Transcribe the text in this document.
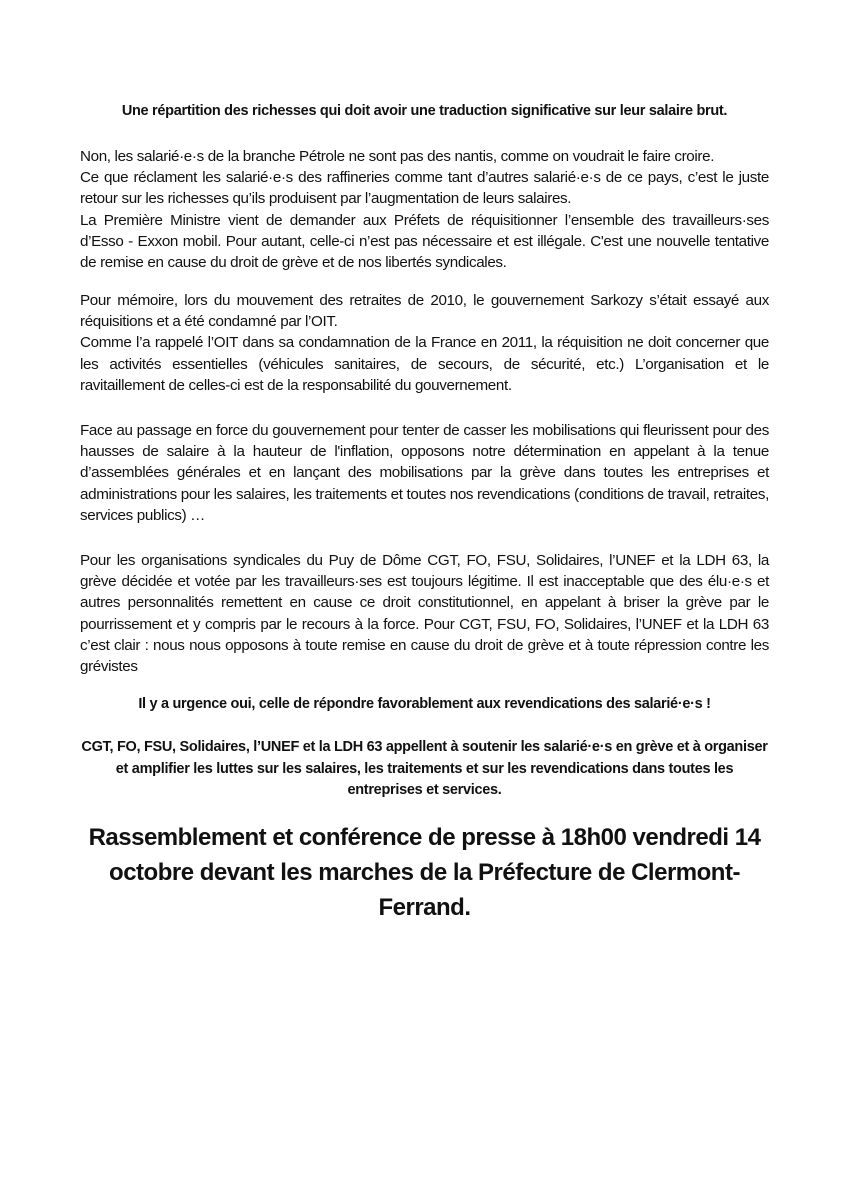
Une répartition des richesses qui doit avoir une traduction significative sur leur salaire brut.
Non, les salarié·e·s de la branche Pétrole ne sont pas des nantis, comme on voudrait le faire croire.
Ce que réclament les salarié·e·s des raffineries comme tant d’autres salarié·e·s de ce pays, c’est le juste retour sur les richesses qu’ils produisent par l’augmentation de leurs salaires.
La Première Ministre vient de demander aux Préfets de réquisitionner l’ensemble des travailleurs·ses d’Esso - Exxon mobil. Pour autant, celle-ci n’est pas nécessaire et est illégale. C'est une nouvelle tentative de remise en cause du droit de grève et de nos libertés syndicales.
Pour mémoire, lors du mouvement des retraites de 2010, le gouvernement Sarkozy s’était essayé aux réquisitions et a été condamné par l’OIT.
Comme l’a rappelé l’OIT dans sa condamnation de la France en 2011, la réquisition ne doit concerner que les activités essentielles (véhicules sanitaires, de secours, de sécurité, etc.) L’organisation et le ravitaillement de celles-ci est de la responsabilité du gouvernement.
Face au passage en force du gouvernement pour tenter de casser les mobilisations qui fleurissent pour des hausses de salaire à la hauteur de l'inflation, opposons notre détermination en appelant à la tenue d’assemblées générales et en lançant des mobilisations par la grève dans toutes les entreprises et administrations pour les salaires, les traitements et toutes nos revendications (conditions de travail, retraites, services publics) …
Pour les organisations syndicales du Puy de Dôme CGT, FO, FSU, Solidaires, l’UNEF et la LDH 63, la grève décidée et votée par les travailleurs·ses est toujours légitime. Il est inacceptable que des élu·e·s et autres personnalités remettent en cause ce droit constitutionnel, en appelant à briser la grève par le pourrissement et y compris par le recours à la force. Pour CGT, FSU, FO, Solidaires, l’UNEF et la LDH 63 c’est clair : nous nous opposons à toute remise en cause du droit de grève et à toute répression contre les grévistes
Il y a urgence oui, celle de répondre favorablement aux revendications des salarié·e·s !
CGT, FO, FSU, Solidaires, l’UNEF et la LDH 63 appellent à soutenir les salarié·e·s en grève et à organiser et amplifier les luttes sur les salaires, les traitements et sur les revendications dans toutes les entreprises et services.
Rassemblement et conférence de presse à 18h00 vendredi 14 octobre devant les marches de la Préfecture de Clermont-Ferrand.
